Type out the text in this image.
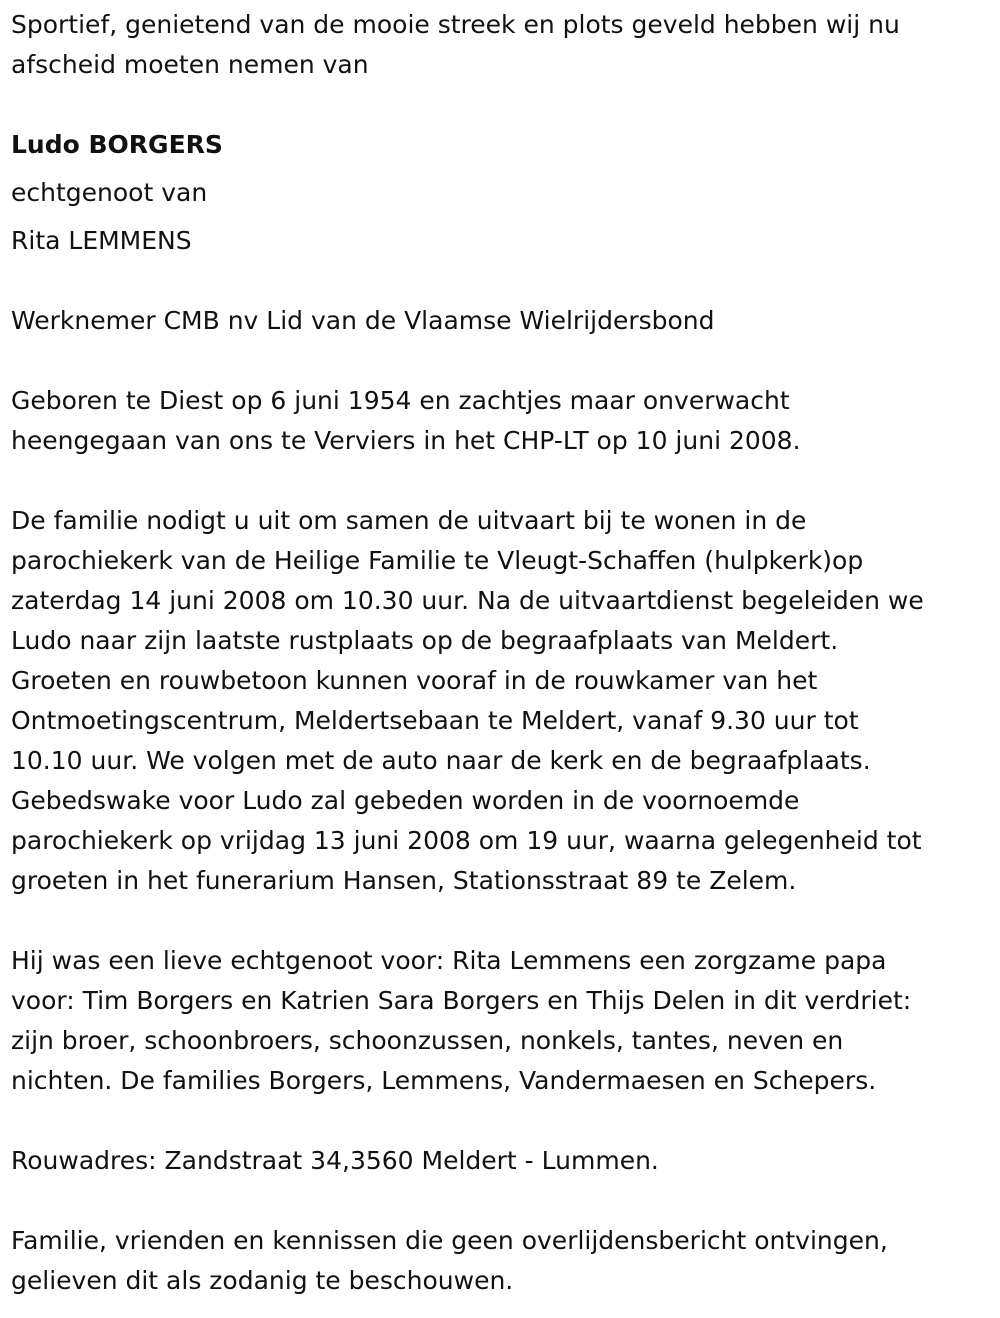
Sportief, genietend van de mooie streek en plots geveld hebben wij nu
afscheid moeten nemen van
Ludo BORGERS
echtgenoot van
Rita LEMMENS
Werknemer CMB nv Lid van de Vlaamse Wielrijdersbond
Geboren te Diest op 6 juni 1954 en zachtjes maar onverwacht
heengegaan van ons te Verviers in het CHP-LT op 10 juni 2008.
De familie nodigt u uit om samen de uitvaart bij te wonen in de
parochiekerk van de Heilige Familie te Vleugt-Schaffen (hulpkerk)op
zaterdag 14 juni 2008 om 10.30 uur. Na de uitvaartdienst begeleiden we
Ludo naar zijn laatste rustplaats op de begraafplaats van Meldert.
Groeten en rouwbetoon kunnen vooraf in de rouwkamer van het
Ontmoetingscentrum, Meldertsebaan te Meldert, vanaf 9.30 uur tot
10.10 uur. We volgen met de auto naar de kerk en de begraafplaats.
Gebedswake voor Ludo zal gebeden worden in de voornoemde
parochiekerk op vrijdag 13 juni 2008 om 19 uur, waarna gelegenheid tot
groeten in het funerarium Hansen, Stationsstraat 89 te Zelem.
Hij was een lieve echtgenoot voor: Rita Lemmens een zorgzame papa
voor: Tim Borgers en Katrien Sara Borgers en Thijs Delen in dit verdriet:
zijn broer, schoonbroers, schoonzussen, nonkels, tantes, neven en
nichten. De families Borgers, Lemmens, Vandermaesen en Schepers.
Rouwadres: Zandstraat 34,3560 Meldert - Lummen.
Familie, vrienden en kennissen die geen overlijdensbericht ontvingen,
gelieven dit als zodanig te beschouwen.
